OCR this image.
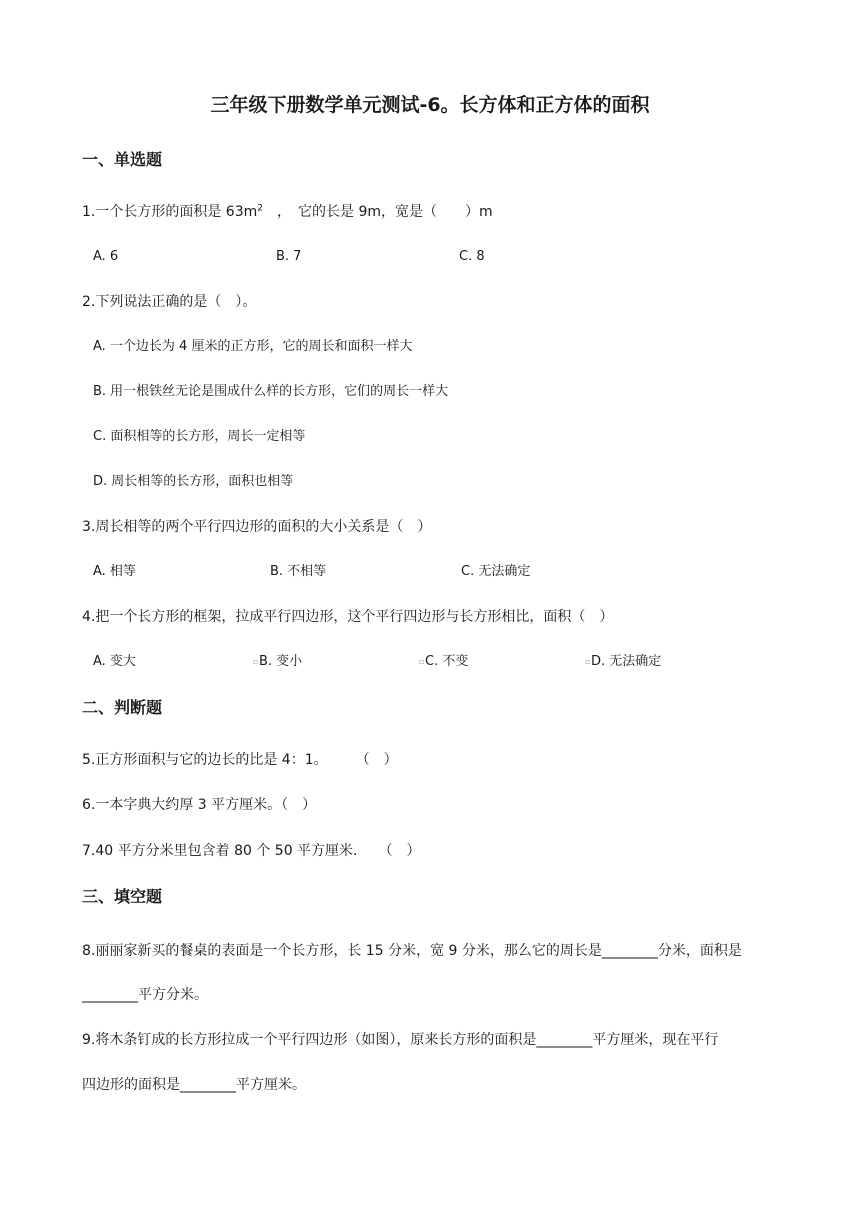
三年级下册数学单元测试-6。长方体和正方体的面积
一、单选题
1.一个长方形的面积是 $63m^2$　，　它的长是 9m，宽是（　　）m
A. 6	B. 7	C. 8
2.下列说法正确的是（　）。
A. 一个边长为 4 厘米的正方形，它的周长和面积一样大
B. 用一根铁丝无论是围成什么样的长方形，它们的周长一样大
C. 面积相等的长方形，周长一定相等
D. 周长相等的长方形，面积也相等
3.周长相等的两个平行四边形的面积的大小关系是（　）
A. 相等	B. 不相等	C. 无法确定
4.把一个长方形的框架，拉成平行四边形，这个平行四边形与长方形相比，面积（　）
A. 变大	▫ B. 变小	▫ C. 不变	▫ D. 无法确定
二、判断题
5.正方形面积与它的边长的比是 4：1。　　　（　）
6.一本字典大约厚 3 平方厘米。（　）
7.40 平方分米里包含着 80 个 50 平方厘米.　　（　）
三、填空题
8.丽丽家新买的餐桌的表面是一个长方形，长 15 分米，宽 9 分米，那么它的周长是________分米，面积是
________平方分米。
9.将木条钉成的长方形拉成一个平行四边形（如图），原来长方形的面积是________平方厘米，现在平行
四边形的面积是________平方厘米。
